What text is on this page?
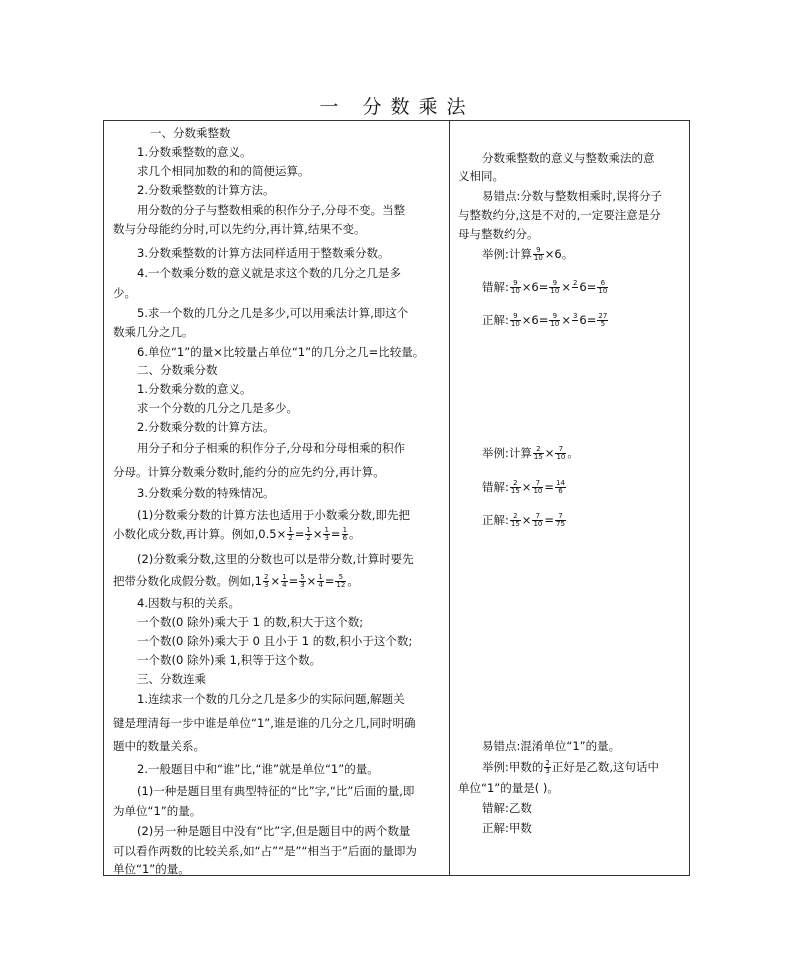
一 分数乘法
一、分数乘整数
1.分数乘整数的意义。
求几个相同加数的和的简便运算。
2.分数乘整数的计算方法。
用分数的分子与整数相乘的积作分子,分母不变。当整
数与分母能约分时,可以先约分,再计算,结果不变。
3.分数乘整数的计算方法同样适用于整数乘分数。
4.一个数乘分数的意义就是求这个数的几分之几是多
少。
5.求一个数的几分之几是多少,可以用乘法计算,即这个
数乘几分之几。
6.单位“1”的量×比较量占单位“1”的几分之几=比较量。
二、分数乘分数
1.分数乘分数的意义。
求一个分数的几分之几是多少。
2.分数乘分数的计算方法。
用分子和分子相乘的积作分子,分母和分母相乘的积作
分母。计算分数乘分数时,能约分的应先约分,再计算。
3.分数乘分数的特殊情况。
(1)分数乘分数的计算方法也适用于小数乘分数,即先把
小数化成分数,再计算。例如$,0.5\times \frac{1}{2} = \frac{1}{2} \times \frac{1}{3} = \frac{1}{6}$ 。
(2)分数乘分数,这里的分数也可以是带分数,计算时要先
把带分数化成假分数。例如$,1 \frac{2}{3} \times \frac{1}{4} = \frac{5}{3} \times \frac{1}{4} = \frac{5}{12}$ 。
4.因数与积的关系。
一个数(0 除外)乘大于 1 的数,积大于这个数;
一个数(0 除外)乘大于 0 且小于 1 的数,积小于这个数;
一个数(0 除外)乘 1,积等于这个数。
三、分数连乘
1.连续求一个数的几分之几是多少的实际问题,解题关
键是理清每一步中谁是单位“1”,谁是谁的几分之几,同时明确
题中的数量关系。
2.一般题目中和“谁”比,“谁”就是单位“1”的量。
(1)一种是题目里有典型特征的“比”字,“比”后面的量,即
为单位“1”的量。
(2)另一种是题目中没有“比”字,但是题目中的两个数量
可以看作两数的比较关系,如“占”“是”“相当于”后面的量即为
单位“1”的量。
分数乘整数的意义与整数乘法的意
义相同。
易错点:分数与整数相乘时,误将分子
与整数约分,这是不对的,一定要注意是分
母与整数约分。
举例:计算 $\frac{9}{10} \times 6$。
错解: $\frac{9}{10} \times 6= \frac{9}{10} \times 2$
$6= \frac{6}{10}$
正解: $\frac{9}{10} \times 6= \frac{9}{10} \times 3$
$6= \frac{27}{5}$
举例:计算 $\frac{2}{15} \times \frac{7}{10}$ 。
错解: $\frac{2}{15} \times \frac{7}{10} = \frac{14}{6}$
正解: $\frac{2}{15} \times \frac{7}{10} = \frac{7}{75}$
易错点:混淆单位“1”的量。
举例:甲数的 $\frac{2}{3}$ 正好是乙数,这句话中
单位“1”的量是( )。
错解:乙数
正解:甲数
